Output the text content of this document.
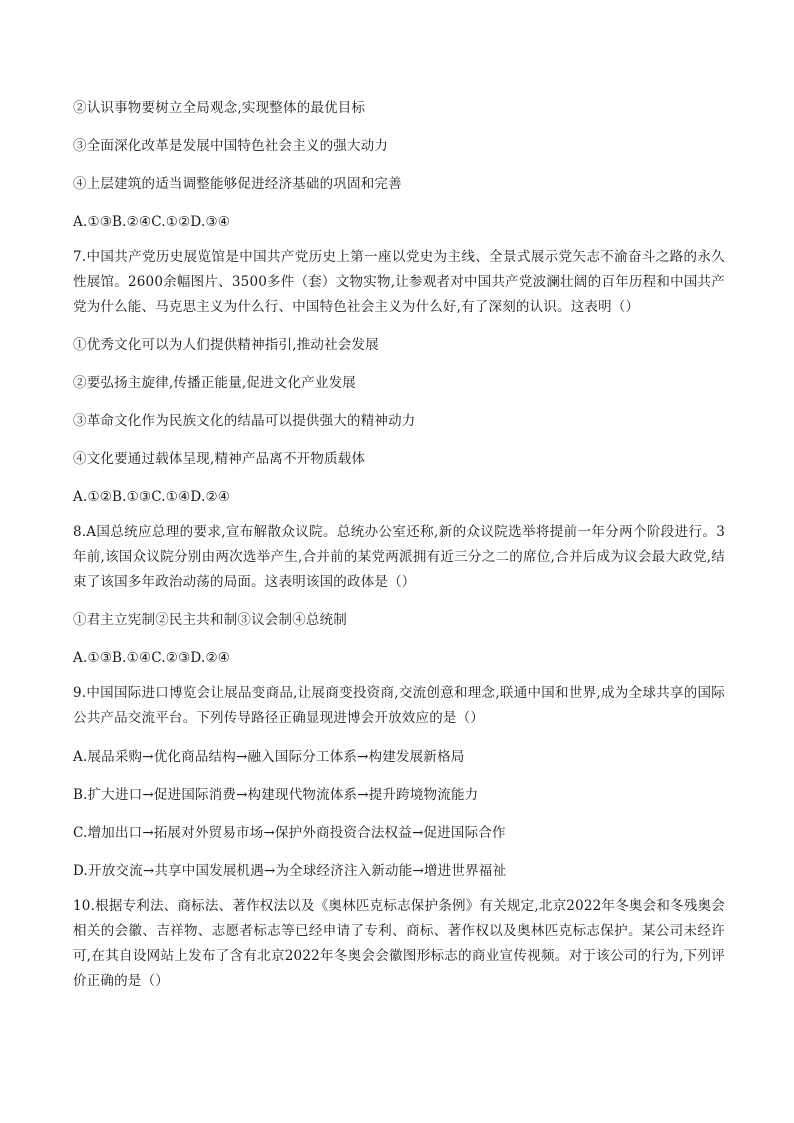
②认识事物要树立全局观念,实现整体的最优目标
③全面深化改革是发展中国特色社会主义的强大动力
④上层建筑的适当调整能够促进经济基础的巩固和完善
A.①③B.②④C.①②D.③④
7.中国共产党历史展览馆是中国共产党历史上第一座以党史为主线、全景式展示党矢志不渝奋斗之路的永久性展馆。2600余幅图片、3500多件（套）文物实物,让参观者对中国共产党波澜壮阔的百年历程和中国共产党为什么能、马克思主义为什么行、中国特色社会主义为什么好,有了深刻的认识。这表明（）
①优秀文化可以为人们提供精神指引,推动社会发展
②要弘扬主旋律,传播正能量,促进文化产业发展
③革命文化作为民族文化的结晶可以提供强大的精神动力
④文化要通过载体呈现,精神产品离不开物质载体
A.①②B.①③C.①④D.②④
8.A国总统应总理的要求,宣布解散众议院。总统办公室还称,新的众议院选举将提前一年分两个阶段进行。3年前,该国众议院分别由两次选举产生,合并前的某党两派拥有近三分之二的席位,合并后成为议会最大政党,结束了该国多年政治动荡的局面。这表明该国的政体是（）
①君主立宪制②民主共和制③议会制④总统制
A.①③B.①④C.②③D.②④
9.中国国际进口博览会让展品变商品,让展商变投资商,交流创意和理念,联通中国和世界,成为全球共享的国际公共产品交流平台。下列传导路径正确显现进博会开放效应的是（）
A.展品采购→优化商品结构→融入国际分工体系→构建发展新格局
B.扩大进口→促进国际消费→构建现代物流体系→提升跨境物流能力
C.增加出口→拓展对外贸易市场→保护外商投资合法权益→促进国际合作
D.开放交流→共享中国发展机遇→为全球经济注入新动能→增进世界福祉
10.根据专利法、商标法、著作权法以及《奥林匹克标志保护条例》有关规定,北京2022年冬奥会和冬残奥会相关的会徽、吉祥物、志愿者标志等已经申请了专利、商标、著作权以及奥林匹克标志保护。某公司未经许可,在其自设网站上发布了含有北京2022年冬奥会会徽图形标志的商业宣传视频。对于该公司的行为,下列评价正确的是（）
